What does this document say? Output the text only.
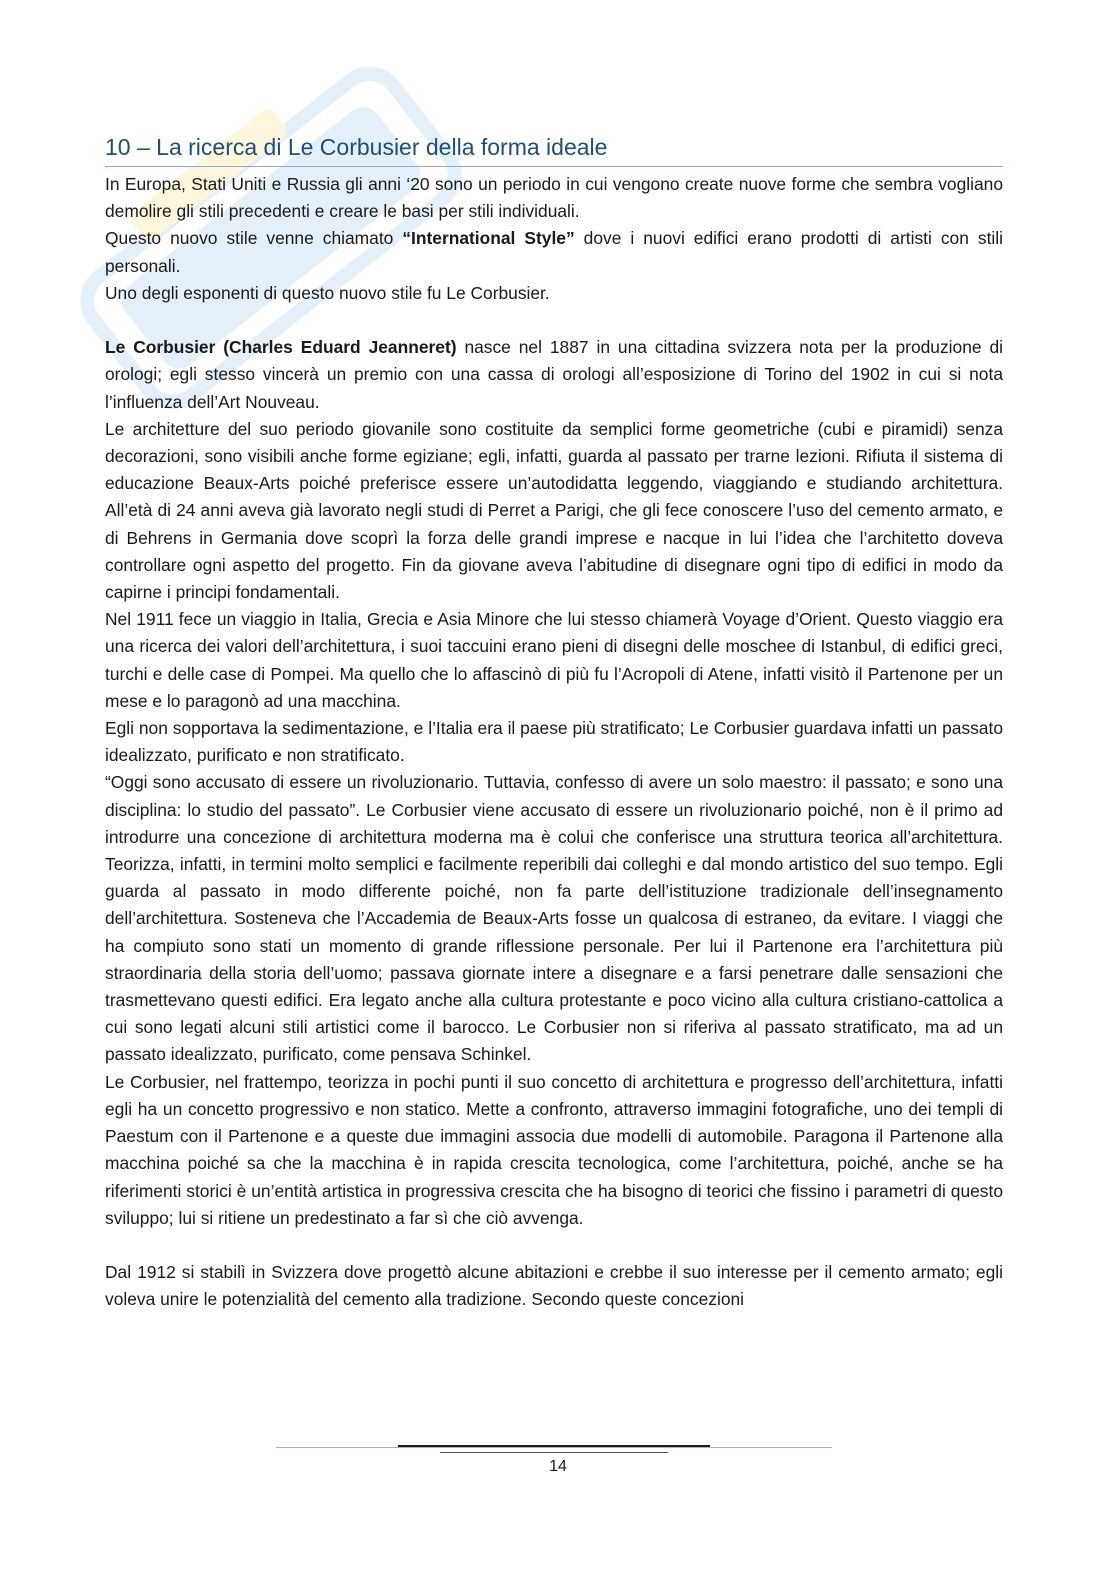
10 – La ricerca di Le Corbusier della forma ideale

In Europa, Stati Uniti e Russia gli anni ‘20 sono un periodo in cui vengono create nuove forme che sembra vogliano demolire gli stili precedenti e creare le basi per stili individuali.

Questo nuovo stile venne chiamato “International Style” dove i nuovi edifici erano prodotti di artisti con stili personali.

Uno degli esponenti di questo nuovo stile fu Le Corbusier.

Le Corbusier (Charles Eduard Jeanneret) nasce nel 1887 in una cittadina svizzera nota per la produzione di orologi; egli stesso vincerà un premio con una cassa di orologi all’esposizione di Torino del 1902 in cui si nota l’influenza dell’Art Nouveau.

Le architetture del suo periodo giovanile sono costituite da semplici forme geometriche (cubi e piramidi) senza decorazioni, sono visibili anche forme egiziane; egli, infatti, guarda al passato per trarne lezioni. Rifiuta il sistema di educazione Beaux-Arts poiché preferisce essere un’autodidatta leggendo, viaggiando e studiando architettura. All’età di 24 anni aveva già lavorato negli studi di Perret a Parigi, che gli fece conoscere l’uso del cemento armato, e di Behrens in Germania dove scoprì la forza delle grandi imprese e nacque in lui l’idea che l’architetto doveva controllare ogni aspetto del progetto. Fin da giovane aveva l’abitudine di disegnare ogni tipo di edifici in modo da capirne i principi fondamentali.

Nel 1911 fece un viaggio in Italia, Grecia e Asia Minore che lui stesso chiamerà Voyage d’Orient. Questo viaggio era una ricerca dei valori dell’architettura, i suoi taccuini erano pieni di disegni delle moschee di Istanbul, di edifici greci, turchi e delle case di Pompei. Ma quello che lo affascinò di più fu l’Acropoli di Atene, infatti visitò il Partenone per un mese e lo paragonò ad una macchina.

Egli non sopportava la sedimentazione, e l’Italia era il paese più stratificato; Le Corbusier guardava infatti un passato idealizzato, purificato e non stratificato.

“Oggi sono accusato di essere un rivoluzionario. Tuttavia, confesso di avere un solo maestro: il passato; e sono una disciplina: lo studio del passato”. Le Corbusier viene accusato di essere un rivoluzionario poiché, non è il primo ad introdurre una concezione di architettura moderna ma è colui che conferisce una struttura teorica all’architettura. Teorizza, infatti, in termini molto semplici e facilmente reperibili dai colleghi e dal mondo artistico del suo tempo. Egli guarda al passato in modo differente poiché, non fa parte dell’istituzione tradizionale dell’insegnamento dell’architettura. Sosteneva che l’Accademia de Beaux-Arts fosse un qualcosa di estraneo, da evitare. I viaggi che ha compiuto sono stati un momento di grande riflessione personale. Per lui il Partenone era l’architettura più straordinaria della storia dell’uomo; passava giornate intere a disegnare e a farsi penetrare dalle sensazioni che trasmettevano questi edifici. Era legato anche alla cultura protestante e poco vicino alla cultura cristiano-cattolica a cui sono legati alcuni stili artistici come il barocco. Le Corbusier non si riferiva al passato stratificato, ma ad un passato idealizzato, purificato, come pensava Schinkel.

Le Corbusier, nel frattempo, teorizza in pochi punti il suo concetto di architettura e progresso dell’architettura, infatti egli ha un concetto progressivo e non statico. Mette a confronto, attraverso immagini fotografiche, uno dei templi di Paestum con il Partenone e a queste due immagini associa due modelli di automobile. Paragona il Partenone alla macchina poiché sa che la macchina è in rapida crescita tecnologica, come l’architettura, poiché, anche se ha riferimenti storici è un’entità artistica in progressiva crescita che ha bisogno di teorici che fissino i parametri di questo sviluppo; lui si ritiene un predestinato a far sì che ciò avvenga.

Dal 1912 si stabilì in Svizzera dove progettò alcune abitazioni e crebbe il suo interesse per il cemento armato; egli voleva unire le potenzialità del cemento alla tradizione. Secondo queste concezioni

14
